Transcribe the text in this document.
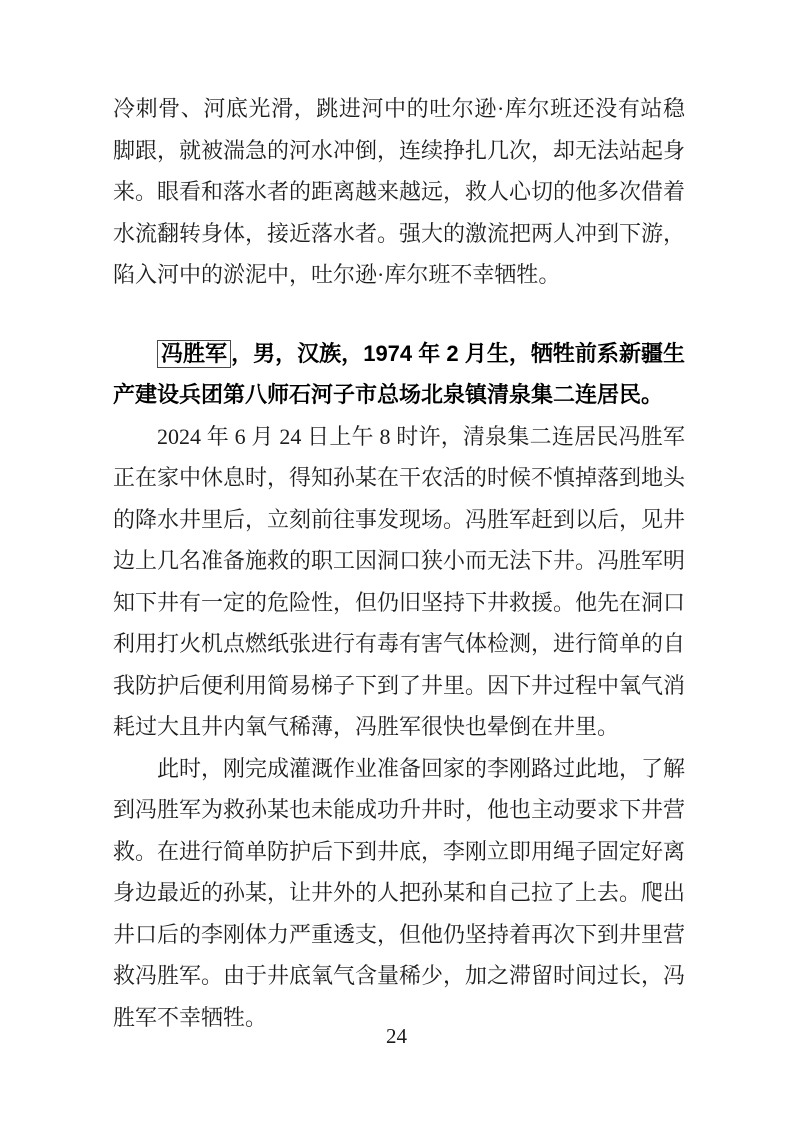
冷刺骨、河底光滑，跳进河中的吐尔逊·库尔班还没有站稳脚跟，就被湍急的河水冲倒，连续挣扎几次，却无法站起身来。眼看和落水者的距离越来越远，救人心切的他多次借着水流翻转身体，接近落水者。强大的激流把两人冲到下游，陷入河中的淤泥中，吐尔逊·库尔班不幸牺牲。

冯胜军 ，男，汉族，1974 年 2 月生，牺牲前系新疆生产建设兵团第八师石河子市总场北泉镇清泉集二连居民。

2024 年 6 月 24 日上午 8 时许，清泉集二连居民冯胜军正在家中休息时，得知孙某在干农活的时候不慎掉落到地头的降水井里后，立刻前往事发现场。冯胜军赶到以后，见井边上几名准备施救的职工因洞口狭小而无法下井。冯胜军明知下井有一定的危险性，但仍旧坚持下井救援。他先在洞口利用打火机点燃纸张进行有毒有害气体检测，进行简单的自我防护后便利用简易梯子下到了井里。因下井过程中氧气消耗过大且井内氧气稀薄，冯胜军很快也晕倒在井里。

此时，刚完成灌溉作业准备回家的李刚路过此地，了解到冯胜军为救孙某也未能成功升井时，他也主动要求下井营救。在进行简单防护后下到井底，李刚立即用绳子固定好离身边最近的孙某，让井外的人把孙某和自己拉了上去。爬出井口后的李刚体力严重透支，但他仍坚持着再次下到井里营救冯胜军。由于井底氧气含量稀少，加之滞留时间过长，冯胜军不幸牺牲。

24
